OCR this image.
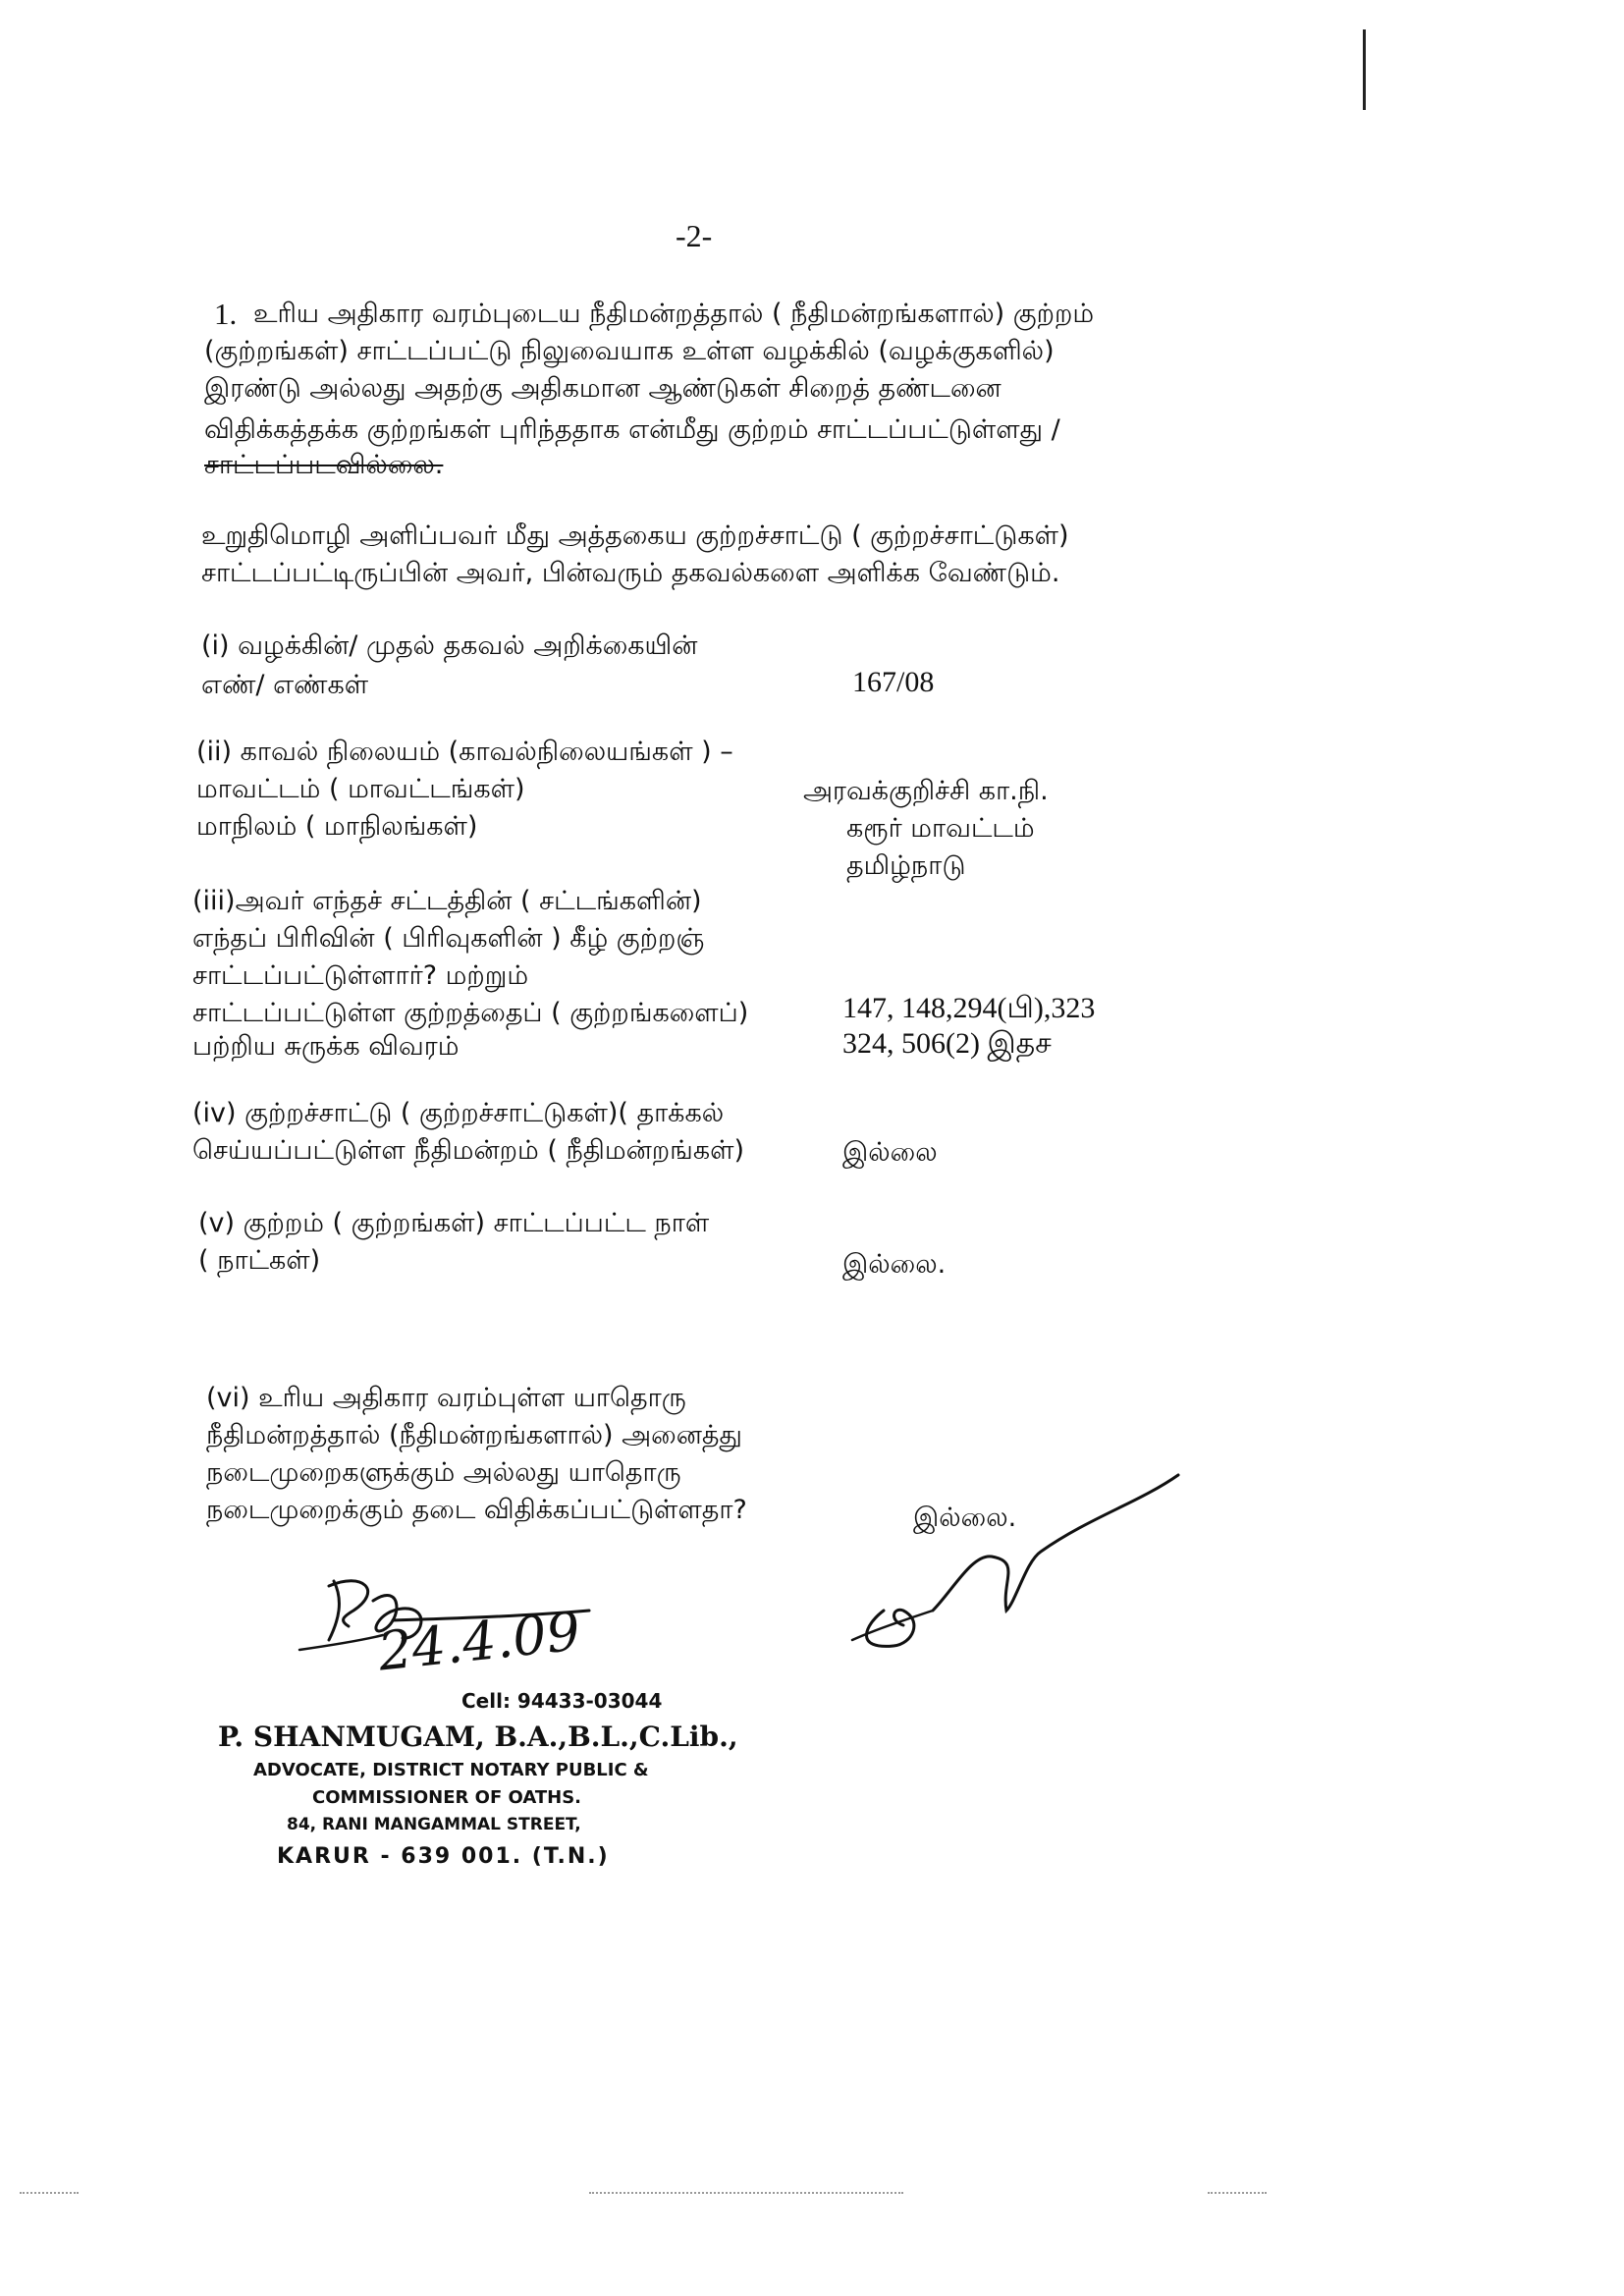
-2-
1. உரிய அதிகார வரம்புடைய நீதிமன்றத்தால் ( நீதிமன்றங்களால்) குற்றம்
(குற்றங்கள்) சாட்டப்பட்டு நிலுவையாக உள்ள வழக்கில் (வழக்குகளில்)
இரண்டு அல்லது அதற்கு அதிகமான ஆண்டுகள் சிறைத் தண்டனை
விதிக்கத்தக்க குற்றங்கள் புரிந்ததாக என்மீது குற்றம் சாட்டப்பட்டுள்ளது /
சாட்டப்படவில்லை.
உறுதிமொழி அளிப்பவர் மீது அத்தகைய குற்றச்சாட்டு ( குற்றச்சாட்டுகள்)
சாட்டப்பட்டிருப்பின் அவர், பின்வரும் தகவல்களை அளிக்க வேண்டும்.
(i) வழக்கின்/ முதல் தகவல் அறிக்கையின்
எண்/ எண்கள்	167/08
(ii) காவல் நிலையம் (காவல்நிலையங்கள் ) –
மாவட்டம் ( மாவட்டங்கள்)
மாநிலம் ( மாநிலங்கள்)
அரவக்குறிச்சி கா.நி.
கரூர் மாவட்டம்
தமிழ்நாடு
(iii)அவர் எந்தச் சட்டத்தின் ( சட்டங்களின்)
எந்தப் பிரிவின் ( பிரிவுகளின் ) கீழ் குற்றஞ்
சாட்டப்பட்டுள்ளார்? மற்றும்
சாட்டப்பட்டுள்ள குற்றத்தைப் ( குற்றங்களைப்)
பற்றிய சுருக்க விவரம்
147, 148,294(பி),323
324, 506(2) இதச
(iv) குற்றச்சாட்டு ( குற்றச்சாட்டுகள்)( தாக்கல்
செய்யப்பட்டுள்ள நீதிமன்றம் ( நீதிமன்றங்கள்)	இல்லை
(v) குற்றம் ( குற்றங்கள்) சாட்டப்பட்ட நாள்
( நாட்கள்)	இல்லை.
(vi) உரிய அதிகார வரம்புள்ள யாதொரு
நீதிமன்றத்தால் (நீதிமன்றங்களால்) அனைத்து
நடைமுறைகளுக்கும் அல்லது யாதொரு
நடைமுறைக்கும் தடை விதிக்கப்பட்டுள்ளதா?	இல்லை.
24.4.09
Cell: 94433-03044
P. SHANMUGAM, B.A.,B.L.,C.Lib.,
ADVOCATE, DISTRICT NOTARY PUBLIC &
COMMISSIONER OF OATHS.
84, RANI MANGAMMAL STREET,
KARUR - 639 001. (T.N.)
